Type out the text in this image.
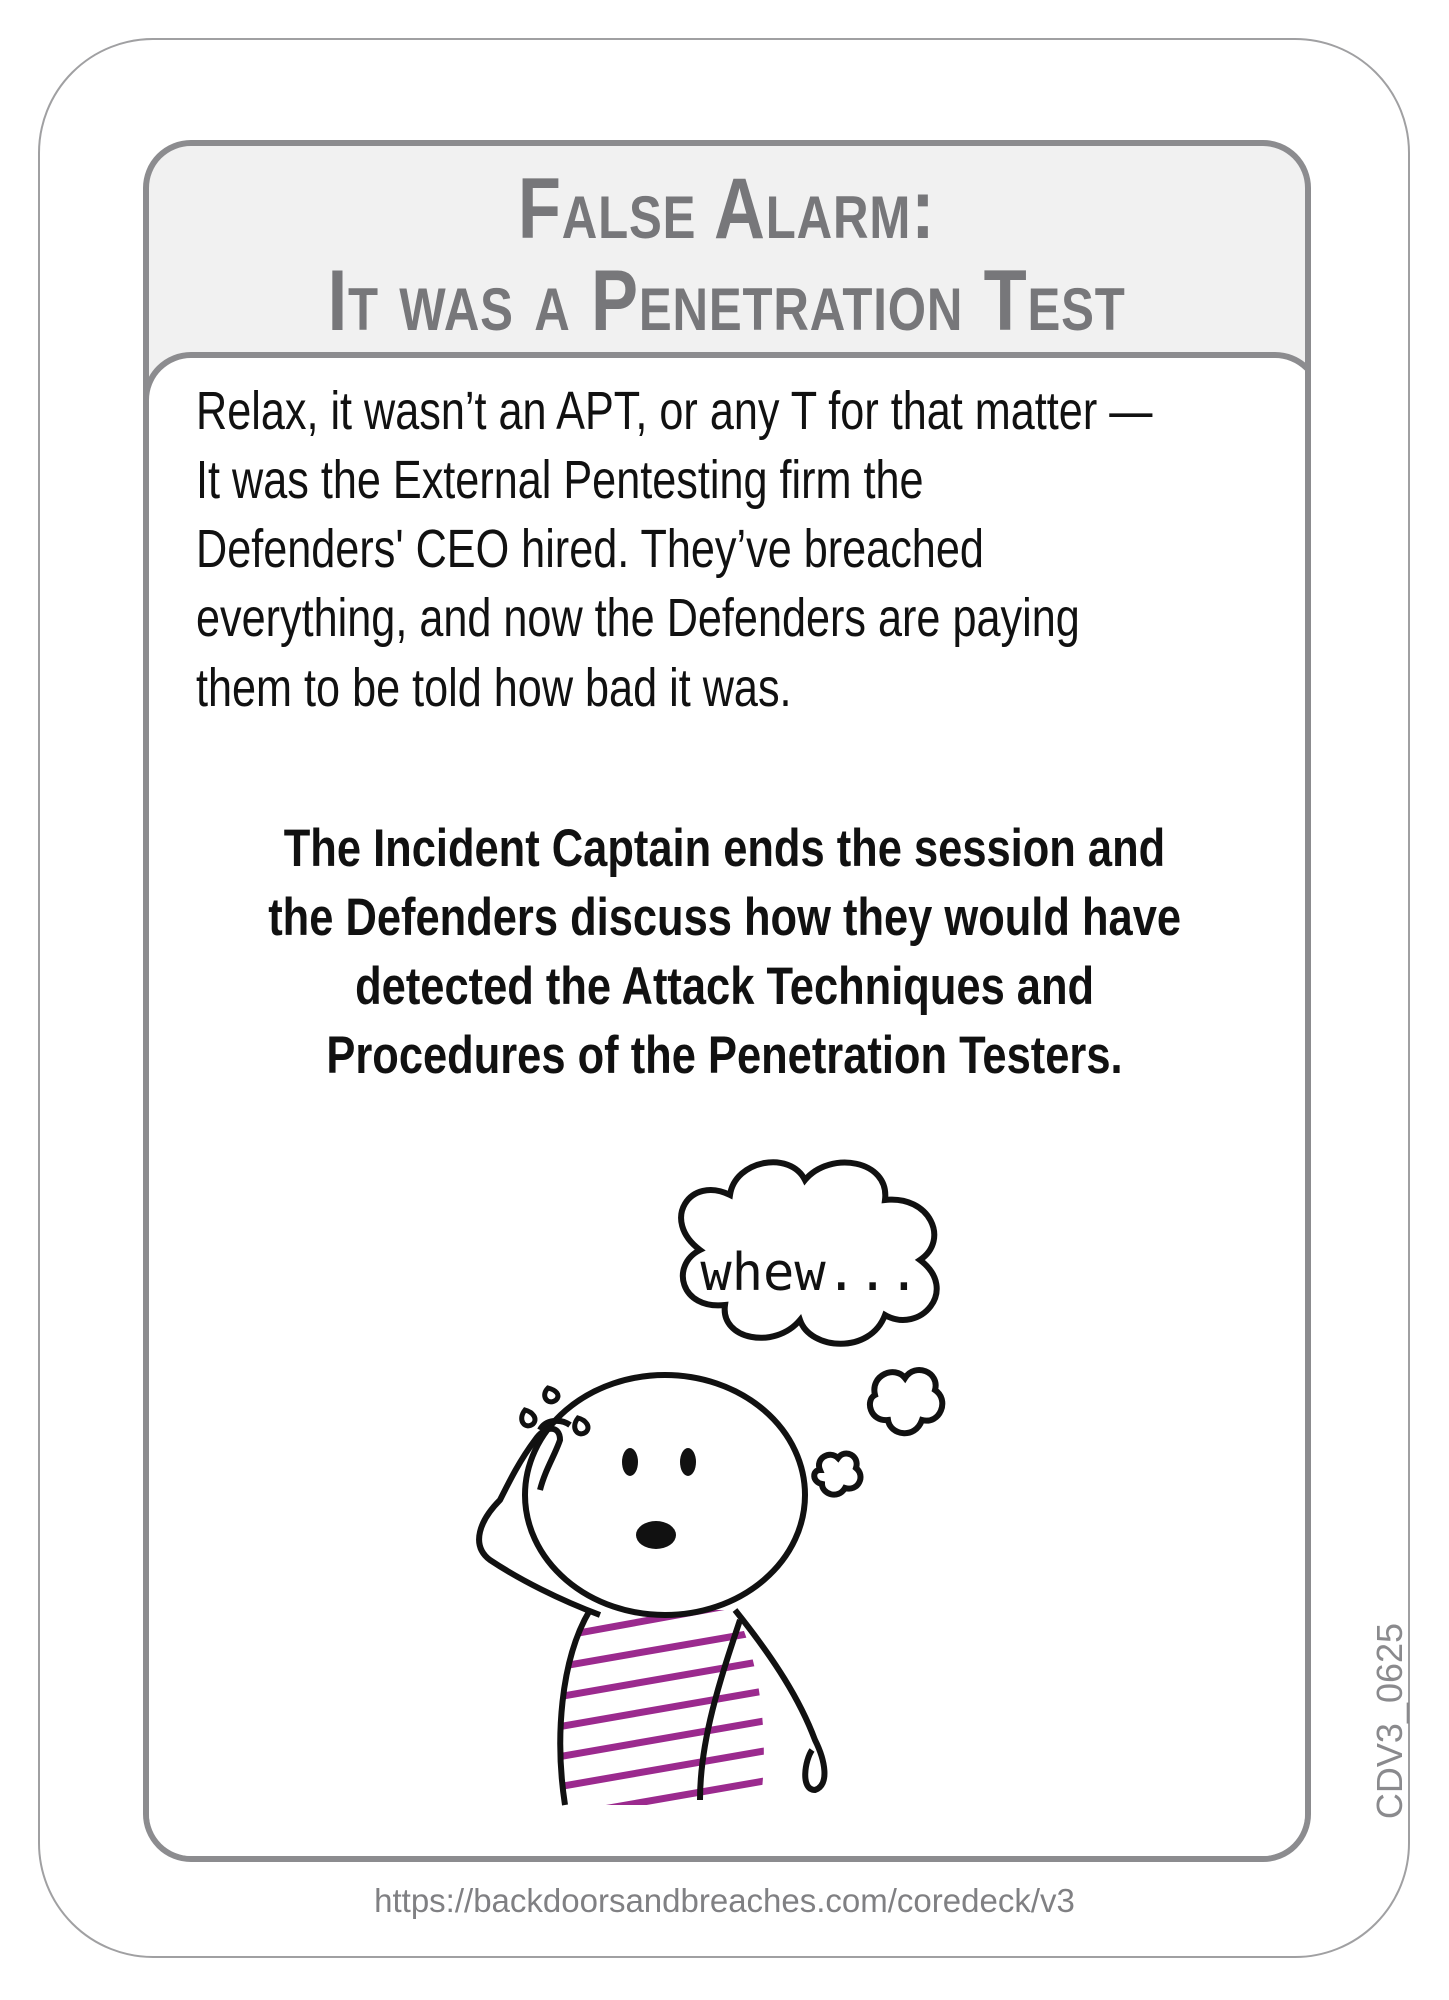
False Alarm:
It was a Penetration Test
Relax, it wasn’t an APT, or any T for that matter —
It was the External Pentesting firm the
Defenders' CEO hired. They’ve breached
everything, and now the Defenders are paying
them to be told how bad it was.
The Incident Captain ends the session and
the Defenders discuss how they would have
detected the Attack Techniques and
Procedures of the Penetration Testers.
whew...
CDV3_0625
https://backdoorsandbreaches.com/coredeck/v3
